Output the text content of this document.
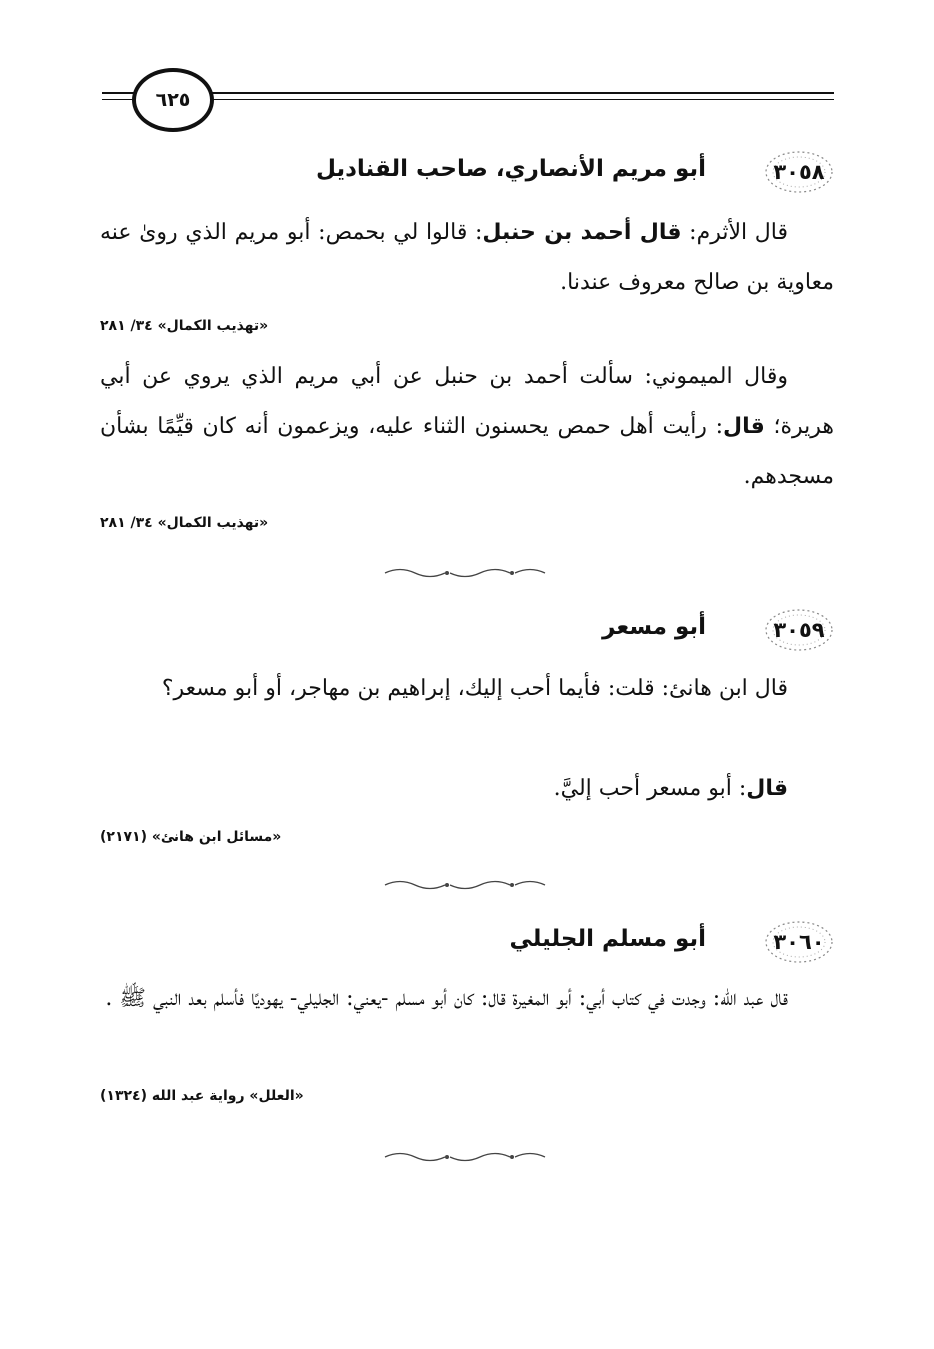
٦٢٥
٣٠٥٨
أبو مريم الأنصاري، صاحب القناديل
قال الأثرم: قال أحمد بن حنبل: قالوا لي بحمص: أبو مريم الذي رویٰ عنه معاوية بن صالح معروف عندنا.
«تهذيب الكمال» ٣٤/ ٢٨١
وقال الميموني: سألت أحمد بن حنبل عن أبي مريم الذي يروي عن أبي هريرة؛ قال: رأيت أهل حمص يحسنون الثناء عليه، ويزعمون أنه كان قيِّمًا بشأن مسجدهم.
«تهذيب الكمال» ٣٤/ ٢٨١
٣٠٥٩
أبو مسعر
قال ابن هانئ: قلت: فأيما أحب إليك، إبراهيم بن مهاجر، أو أبو مسعر؟
قال: أبو مسعر أحب إليَّ.
«مسائل ابن هانئ» (٢١٧١)
٣٠٦٠
أبو مسلم الجليلي
قال عبد الله: وجدت في كتاب أبي: أبو المغيرة قال: كان أبو مسلم -يعني: الجليلي- يهوديًا فأسلم بعد النبي ﷺ .
«العلل» رواية عبد الله (١٣٢٤)
